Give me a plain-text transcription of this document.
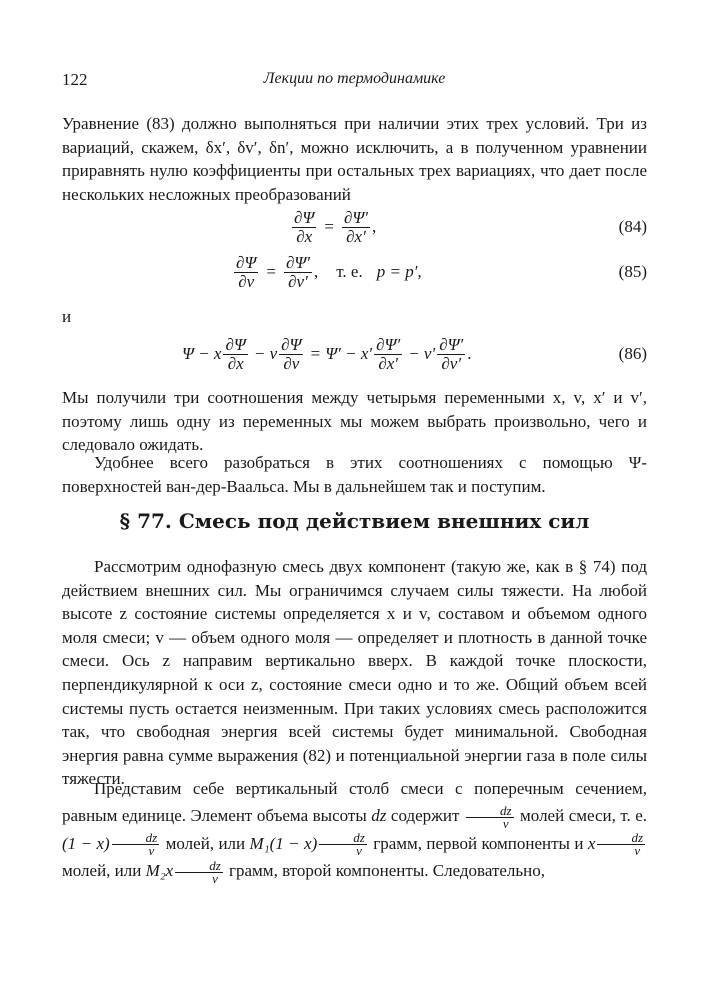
122	Лекции по термодинамике
Уравнение (83) должно выполняться при наличии этих трех условий. Три из вариаций, скажем, δx′, δv′, δn′, можно исключить, а в полученном уравнении приравнять нулю коэффициенты при остальных трех вариациях, что дает после нескольких несложных преобразований
$\frac{\partial\Psi}{\partial x} = \frac{\partial\Psi'}{\partial x'}$ ,	(84)
$\frac{\partial\Psi}{\partial v} = \frac{\partial\Psi'}{\partial v'}$ , т. е. p = p′,	(85)
и
Ψ − x $\frac{\partial\Psi}{\partial x} - v \frac{\partial\Psi}{\partial v} = \Psi' - x' \frac{\partial\Psi'}{\partial x'} - v' \frac{\partial\Psi'}{\partial v'}$ .	(86)
Мы получили три соотношения между четырьмя переменными x, v, x′ и v′, поэтому лишь одну из переменных мы можем выбрать произвольно, чего и следовало ожидать.
Удобнее всего разобраться в этих соотношениях с помощью Ψ-поверхностей ван-дер-Ваальса. Мы в дальнейшем так и поступим.
§ 77. Смесь под действием внешних сил
Рассмотрим однофазную смесь двух компонент (такую же, как в § 74) под действием внешних сил. Мы ограничимся случаем силы тяжести. На любой высоте z состояние системы определяется x и v, составом и объемом одного моля смеси; v — объем одного моля — определяет и плотность в данной точке смеси. Ось z направим вертикально вверх. В каждой точке плоскости, перпендикулярной к оси z, состояние смеси одно и то же. Общий объем всей системы пусть остается неизменным. При таких условиях смесь расположится так, что свободная энергия всей системы будет минимальной. Свободная энергия равна сумме выражения (82) и потенциальной энергии газа в поле силы тяжести.
Представим себе вертикальный столб смеси с поперечным сечением, равным единице. Элемент объема высоты dz содержит $\frac{dz}{v}$ молей смеси, т. е. $(1 - x) \frac{dz}{v}$ молей, или $M_1(1 - x) \frac{dz}{v}$ грамм, первой компоненты и x $\frac{dz}{v}$
молей, или $M_2x \frac{dz}{v}$ грамм, второй компоненты. Следовательно,
